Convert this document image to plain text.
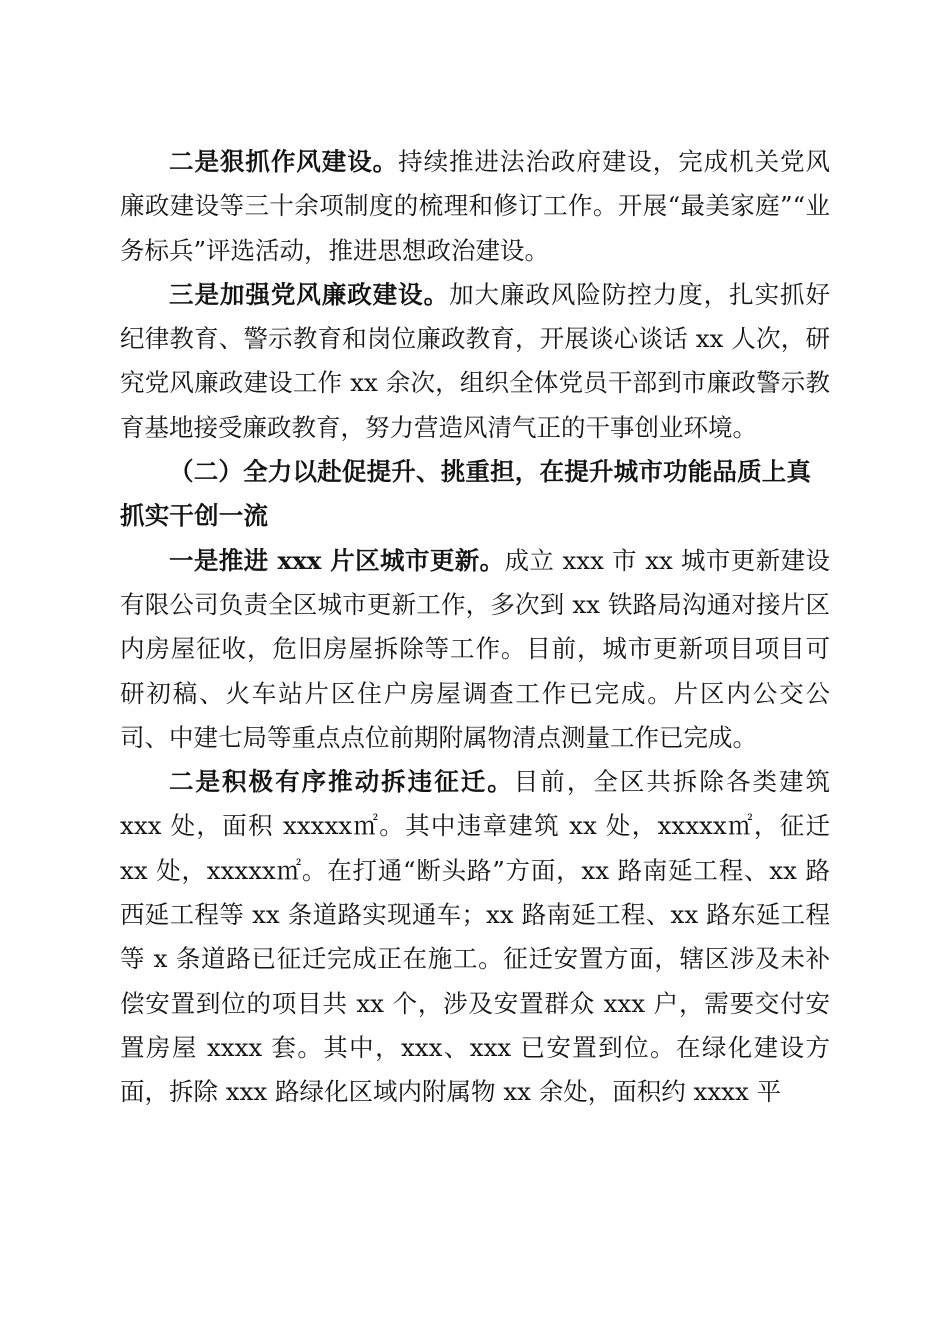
二是狠抓作风建设。持续推进法治政府建设，完成机关党风廉政建设等三十余项制度的梳理和修订工作。开展“最美家庭”“业务标兵”评选活动，推进思想政治建设。

三是加强党风廉政建设。加大廉政风险防控力度，扎实抓好纪律教育、警示教育和岗位廉政教育，开展谈心谈话 xx 人次，研究党风廉政建设工作 xx 余次，组织全体党员干部到市廉政警示教育基地接受廉政教育，努力营造风清气正的干事创业环境。

（二）全力以赴促提升、挑重担，在提升城市功能品质上真抓实干创一流

一是推进 xxx 片区城市更新。成立 xxx 市 xx 城市更新建设有限公司负责全区城市更新工作，多次到 xx 铁路局沟通对接片区内房屋征收，危旧房屋拆除等工作。目前，城市更新项目项目可研初稿、火车站片区住户房屋调查工作已完成。片区内公交公司、中建七局等重点点位前期附属物清点测量工作已完成。

二是积极有序推动拆违征迁。目前，全区共拆除各类建筑 xxx 处，面积 xxxxx㎡。其中违章建筑 xx 处，xxxxx㎡，征迁 xx 处，xxxxx㎡。在打通“断头路”方面，xx 路南延工程、xx 路西延工程等 xx 条道路实现通车；xx 路南延工程、xx 路东延工程等 x 条道路已征迁完成正在施工。征迁安置方面，辖区涉及未补偿安置到位的项目共 xx 个，涉及安置群众 xxx 户，需要交付安置房屋 xxxx 套。其中，xxx、xxx 已安置到位。在绿化建设方面，拆除 xxx 路绿化区域内附属物 xx 余处，面积约 xxxx 平
